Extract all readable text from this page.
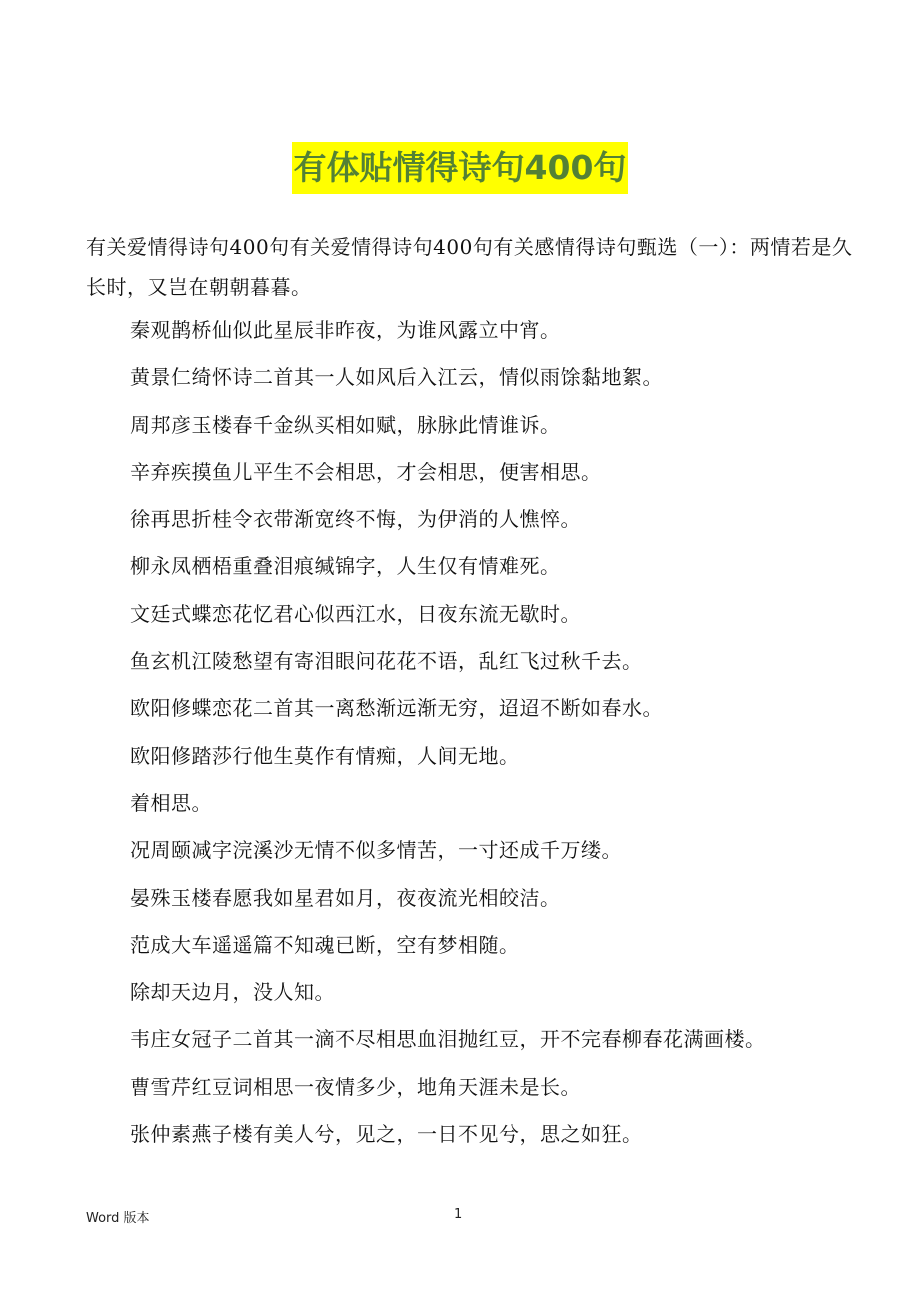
有体贴情得诗句400句

有关爱情得诗句400句有关爱情得诗句400句有关感情得诗句甄选（一）：两情若是久长时，又岂在朝朝暮暮。

秦观鹊桥仙似此星辰非昨夜，为谁风露立中宵。

黄景仁绮怀诗二首其一人如风后入江云，情似雨馀黏地絮。

周邦彦玉楼春千金纵买相如赋，脉脉此情谁诉。

辛弃疾摸鱼儿平生不会相思，才会相思，便害相思。

徐再思折桂令衣带渐宽终不悔，为伊消的人憔悴。

柳永凤栖梧重叠泪痕缄锦字，人生仅有情难死。

文廷式蝶恋花忆君心似西江水，日夜东流无歇时。

鱼玄机江陵愁望有寄泪眼问花花不语，乱红飞过秋千去。

欧阳修蝶恋花二首其一离愁渐远渐无穷，迢迢不断如春水。

欧阳修踏莎行他生莫作有情痴，人间无地。

着相思。

况周颐减字浣溪沙无情不似多情苦，一寸还成千万缕。

晏殊玉楼春愿我如星君如月，夜夜流光相皎洁。

范成大车遥遥篇不知魂已断，空有梦相随。

除却天边月，没人知。

韦庄女冠子二首其一滴不尽相思血泪抛红豆，开不完春柳春花满画楼。

曹雪芹红豆词相思一夜情多少，地角天涯未是长。

张仲素燕子楼有美人兮，见之，一日不见兮，思之如狂。

Word 版本	1
